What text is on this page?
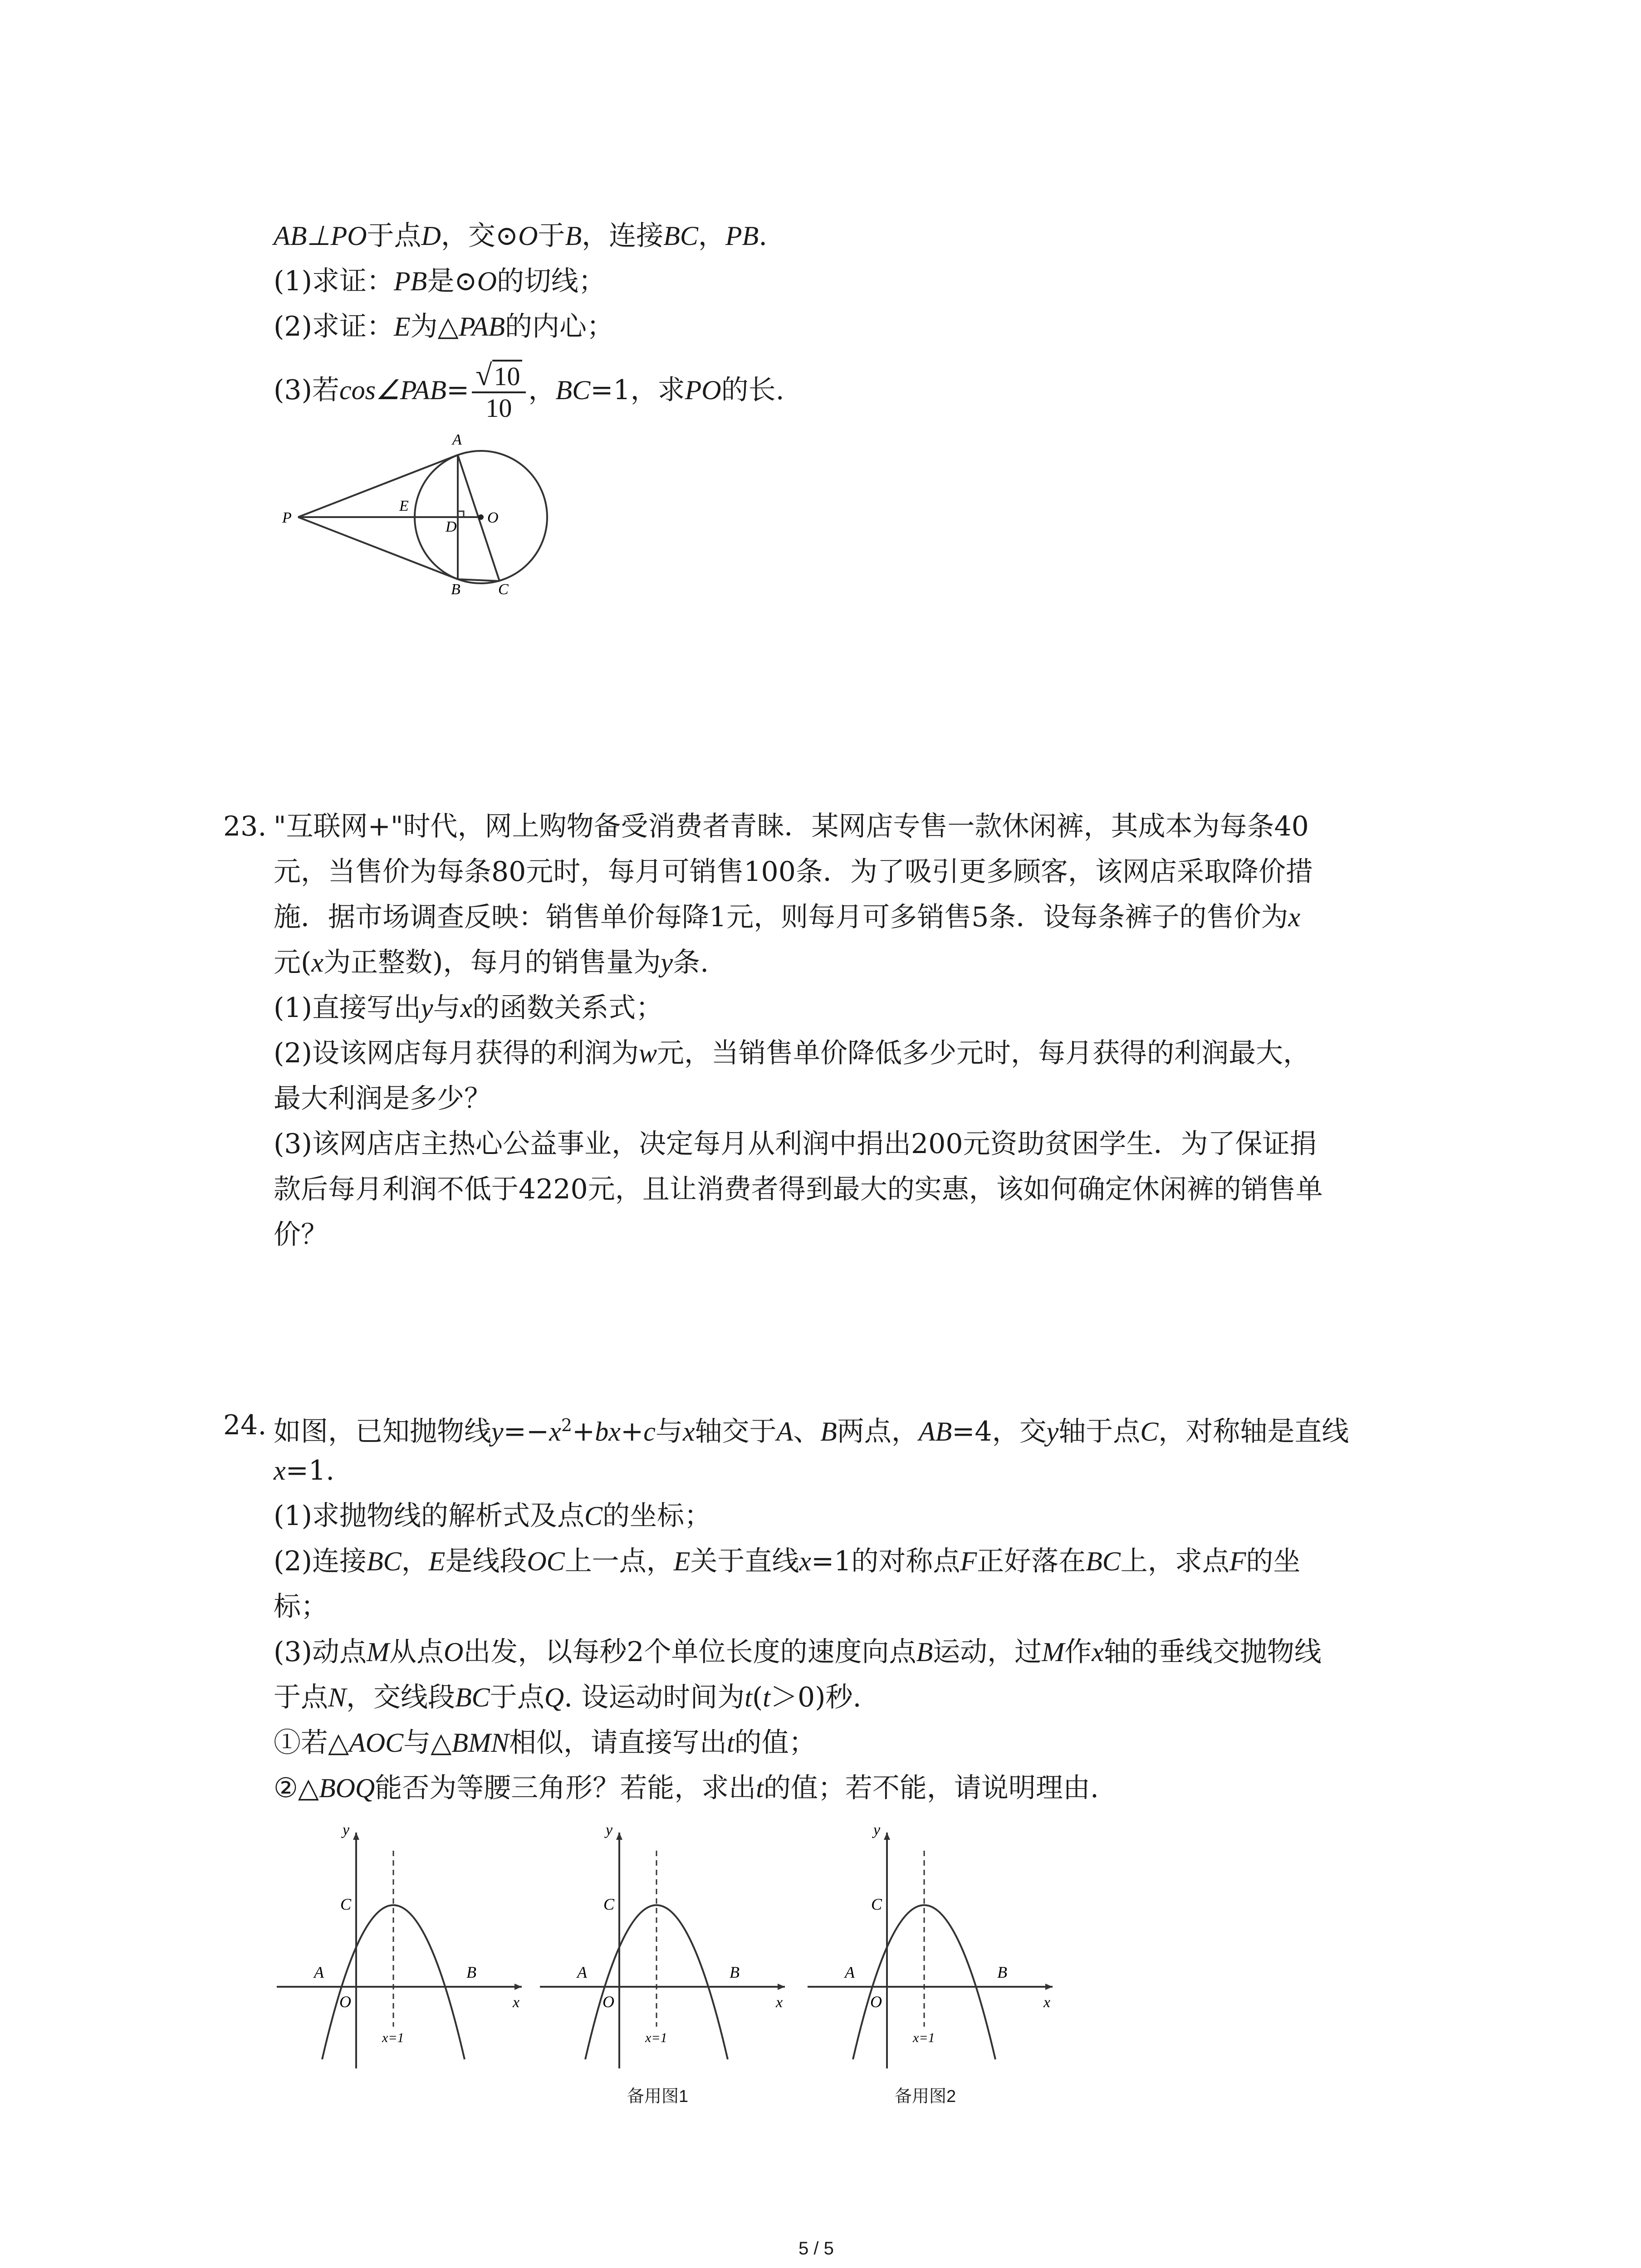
AB⊥PO于点D，交⊙O于B，连接BC，PB.
(1)求证：PB是⊙O的切线；
(2)求证：E为△PAB的内心；
(3)若cos∠PAB= $\frac{√10}{10}$ ，BC=1，求PO的长.
P
E
D
O
A
B C
23. "互联网+"时代，网上购物备受消费者青睐．某网店专售一款休闲裤，其成本为每条40
元，当售价为每条80元时，每月可销售100条．为了吸引更多顾客，该网店采取降价措
施．据市场调查反映：销售单价每降1元，则每月可多销售5条．设每条裤子的售价为x
元(x为正整数)，每月的销售量为y条.
(1)直接写出y与x的函数关系式；
(2)设该网店每月获得的利润为w元，当销售单价降低多少元时，每月获得的利润最大，
最大利润是多少？
(3)该网店店主热心公益事业，决定每月从利润中捐出200元资助贫困学生．为了保证捐
款后每月利润不低于4220元，且让消费者得到最大的实惠，该如何确定休闲裤的销售单
价？
24. 如图，已知抛物线$y=-x^2+bx+c$与x轴交于A、B两点，AB=4，交y轴于点C，对称轴是直线
x=1.
(1)求抛物线的解析式及点C的坐标；
(2)连接BC，E是线段OC上一点，E关于直线x=1的对称点F正好落在BC上，求点F的坐
标；
(3)动点M从点O出发，以每秒2个单位长度的速度向点B运动，过M作x轴的垂线交抛物线
于点N，交线段BC于点Q. 设运动时间为t(t＞0)秒.
①若△AOC与△BMN相似，请直接写出t的值；
②△BOQ能否为等腰三角形？若能，求出t的值；若不能，请说明理由.
y
x
C
A	B
O
x=1
y
x
C
A	B
O
x=1
y
x
C
A	B
O
x=1
备用图1	备用图2
5 / 5
